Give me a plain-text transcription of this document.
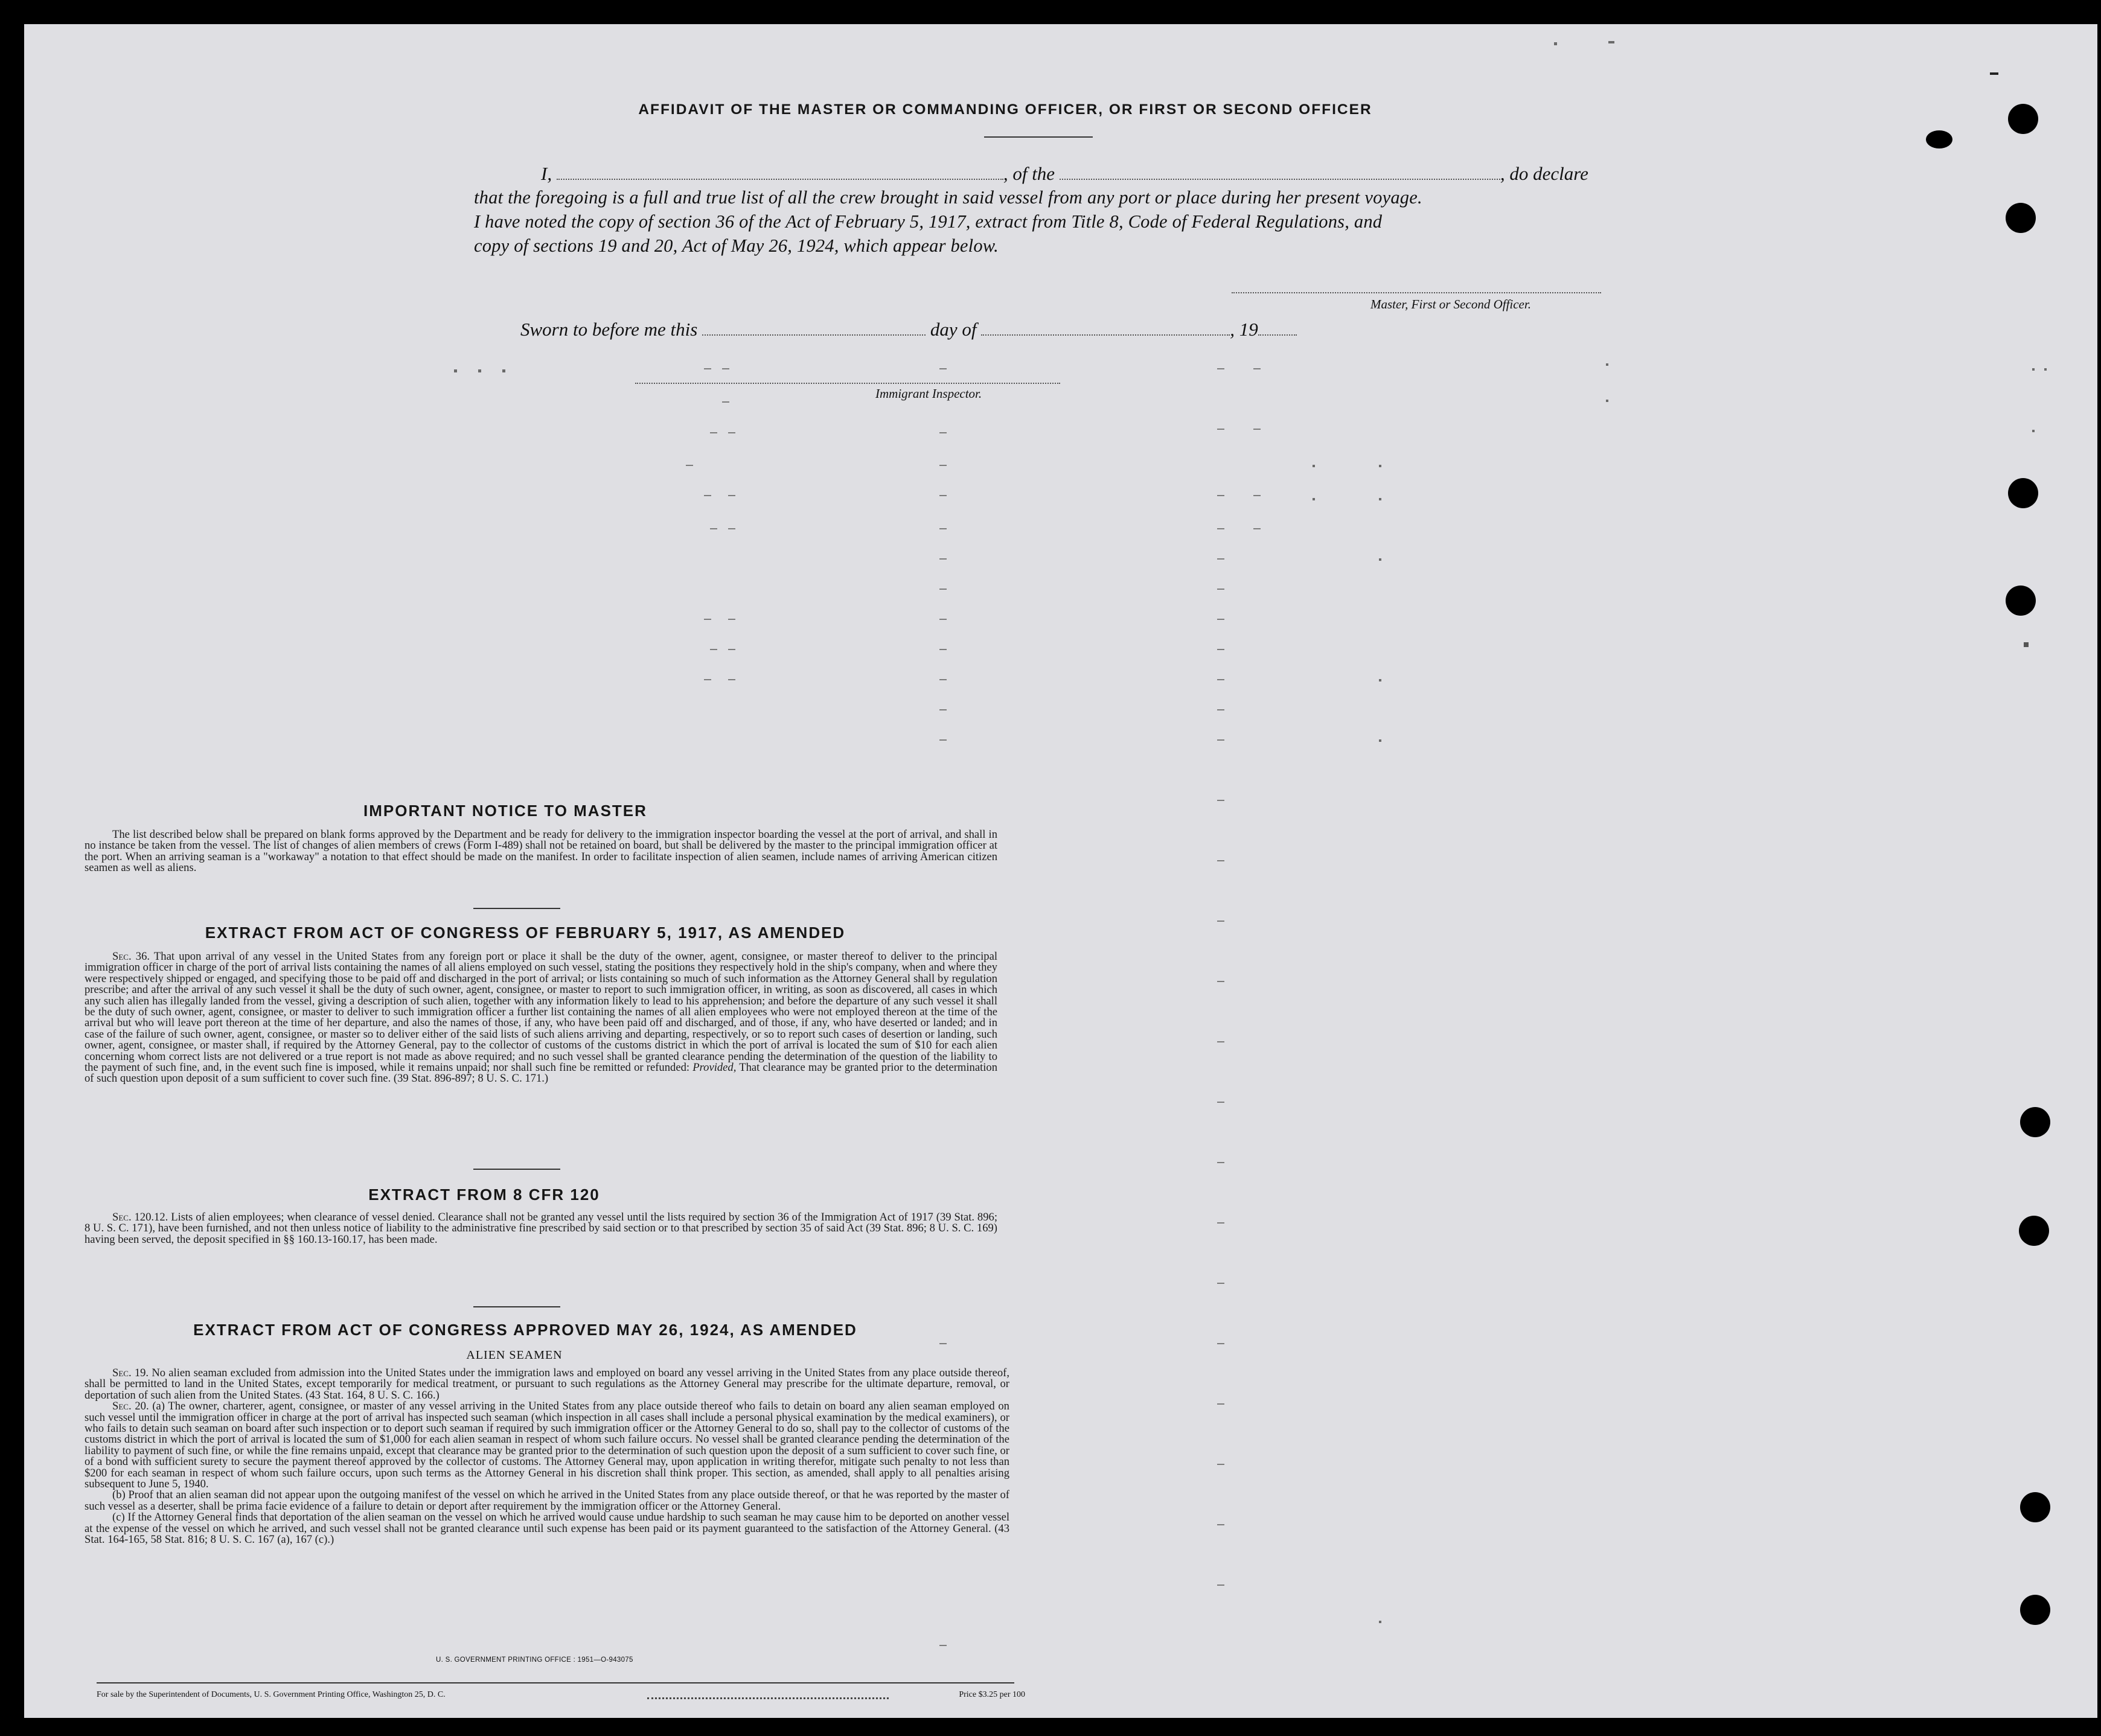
AFFIDAVIT OF THE MASTER OR COMMANDING OFFICER, OR FIRST OR SECOND OFFICER
I,	, of the	, do declare
that the foregoing is a full and true list of all the crew brought in said vessel from any port or place during her present voyage.
I have noted the copy of section 36 of the Act of February 5, 1917, extract from Title 8, Code of Federal Regulations, and
copy of sections 19 and 20, Act of May 26, 1924, which appear below.
Master, First or Second Officer.
Sworn to before me this	day of	, 19
Immigrant Inspector.
IMPORTANT NOTICE TO MASTER

The list described below shall be prepared on blank forms approved by the Department and be ready for delivery to the immigration inspector boarding the vessel at the port of arrival, and shall in no instance be taken from the vessel. The list of changes of alien members of crews (Form I-489) shall not be retained on board, but shall be delivered by the master to the principal immigration officer at the port. When an arriving seaman is a "workaway" a notation to that effect should be made on the manifest. In order to facilitate inspection of alien seamen, include names of arriving American citizen seamen as well as aliens.

EXTRACT FROM ACT OF CONGRESS OF FEBRUARY 5, 1917, AS AMENDED

Sec. 36. That upon arrival of any vessel in the United States from any foreign port or place it shall be the duty of the owner, agent, consignee, or master thereof to deliver to the principal immigration officer in charge of the port of arrival lists containing the names of all aliens employed on such vessel, stating the positions they respectively hold in the ship's company, when and where they were respectively shipped or engaged, and specifying those to be paid off and discharged in the port of arrival; or lists containing so much of such information as the Attorney General shall by regulation prescribe; and after the arrival of any such vessel it shall be the duty of such owner, agent, consignee, or master to report to such immigration officer, in writing, as soon as discovered, all cases in which any such alien has illegally landed from the vessel, giving a description of such alien, together with any information likely to lead to his apprehension; and before the departure of any such vessel it shall be the duty of such owner, agent, consignee, or master to deliver to such immigration officer a further list containing the names of all alien employees who were not employed thereon at the time of the arrival but who will leave port thereon at the time of her departure, and also the names of those, if any, who have been paid off and discharged, and of those, if any, who have deserted or landed; and in case of the failure of such owner, agent, consignee, or master so to deliver either of the said lists of such aliens arriving and departing, respectively, or so to report such cases of desertion or landing, such owner, agent, consignee, or master shall, if required by the Attorney General, pay to the collector of customs of the customs district in which the port of arrival is located the sum of $10 for each alien concerning whom correct lists are not delivered or a true report is not made as above required; and no such vessel shall be granted clearance pending the determination of the question of the liability to the payment of such fine, and, in the event such fine is imposed, while it remains unpaid; nor shall such fine be remitted or refunded: Provided, That clearance may be granted prior to the determination of such question upon deposit of a sum sufficient to cover such fine. (39 Stat. 896-897; 8 U. S. C. 171.)

EXTRACT FROM 8 CFR 120

Sec. 120.12. Lists of alien employees; when clearance of vessel denied. Clearance shall not be granted any vessel until the lists required by section 36 of the Immigration Act of 1917 (39 Stat. 896; 8 U. S. C. 171), have been furnished, and not then unless notice of liability to the administrative fine prescribed by said section or to that prescribed by section 35 of said Act (39 Stat. 896; 8 U. S. C. 169) having been served, the deposit specified in §§ 160.13-160.17, has been made.

EXTRACT FROM ACT OF CONGRESS APPROVED MAY 26, 1924, AS AMENDED
ALIEN SEAMEN

Sec. 19. No alien seaman excluded from admission into the United States under the immigration laws and employed on board any vessel arriving in the United States from any place outside thereof, shall be permitted to land in the United States, except temporarily for medical treatment, or pursuant to such regulations as the Attorney General may prescribe for the ultimate departure, removal, or deportation of such alien from the United States. (43 Stat. 164, 8 U. S. C. 166.)

Sec. 20. (a) The owner, charterer, agent, consignee, or master of any vessel arriving in the United States from any place outside thereof who fails to detain on board any alien seaman employed on such vessel until the immigration officer in charge at the port of arrival has inspected such seaman (which inspection in all cases shall include a personal physical examination by the medical examiners), or who fails to detain such seaman on board after such inspection or to deport such seaman if required by such immigration officer or the Attorney General to do so, shall pay to the collector of customs of the customs district in which the port of arrival is located the sum of $1,000 for each alien seaman in respect of whom such failure occurs. No vessel shall be granted clearance pending the determination of the liability to payment of such fine, or while the fine remains unpaid, except that clearance may be granted prior to the determination of such question upon the deposit of a sum sufficient to cover such fine, or of a bond with sufficient surety to secure the payment thereof approved by the collector of customs. The Attorney General may, upon application in writing therefor, mitigate such penalty to not less than $200 for each seaman in respect of whom such failure occurs, upon such terms as the Attorney General in his discretion shall think proper. This section, as amended, shall apply to all penalties arising subsequent to June 5, 1940.

(b) Proof that an alien seaman did not appear upon the outgoing manifest of the vessel on which he arrived in the United States from any place outside thereof, or that he was reported by the master of such vessel as a deserter, shall be prima facie evidence of a failure to detain or deport after requirement by the immigration officer or the Attorney General.

(c) If the Attorney General finds that deportation of the alien seaman on the vessel on which he arrived would cause undue hardship to such seaman he may cause him to be deported on another vessel at the expense of the vessel on which he arrived, and such vessel shall not be granted clearance until such expense has been paid or its payment guaranteed to the satisfaction of the Attorney General. (43 Stat. 164-165, 58 Stat. 816; 8 U. S. C. 167 (a), 167 (c).)

U. S. GOVERNMENT PRINTING OFFICE : 1951—O-943075
For sale by the Superintendent of Documents, U. S. Government Printing Office, Washington 25, D. C.	Price $3.25 per 100
